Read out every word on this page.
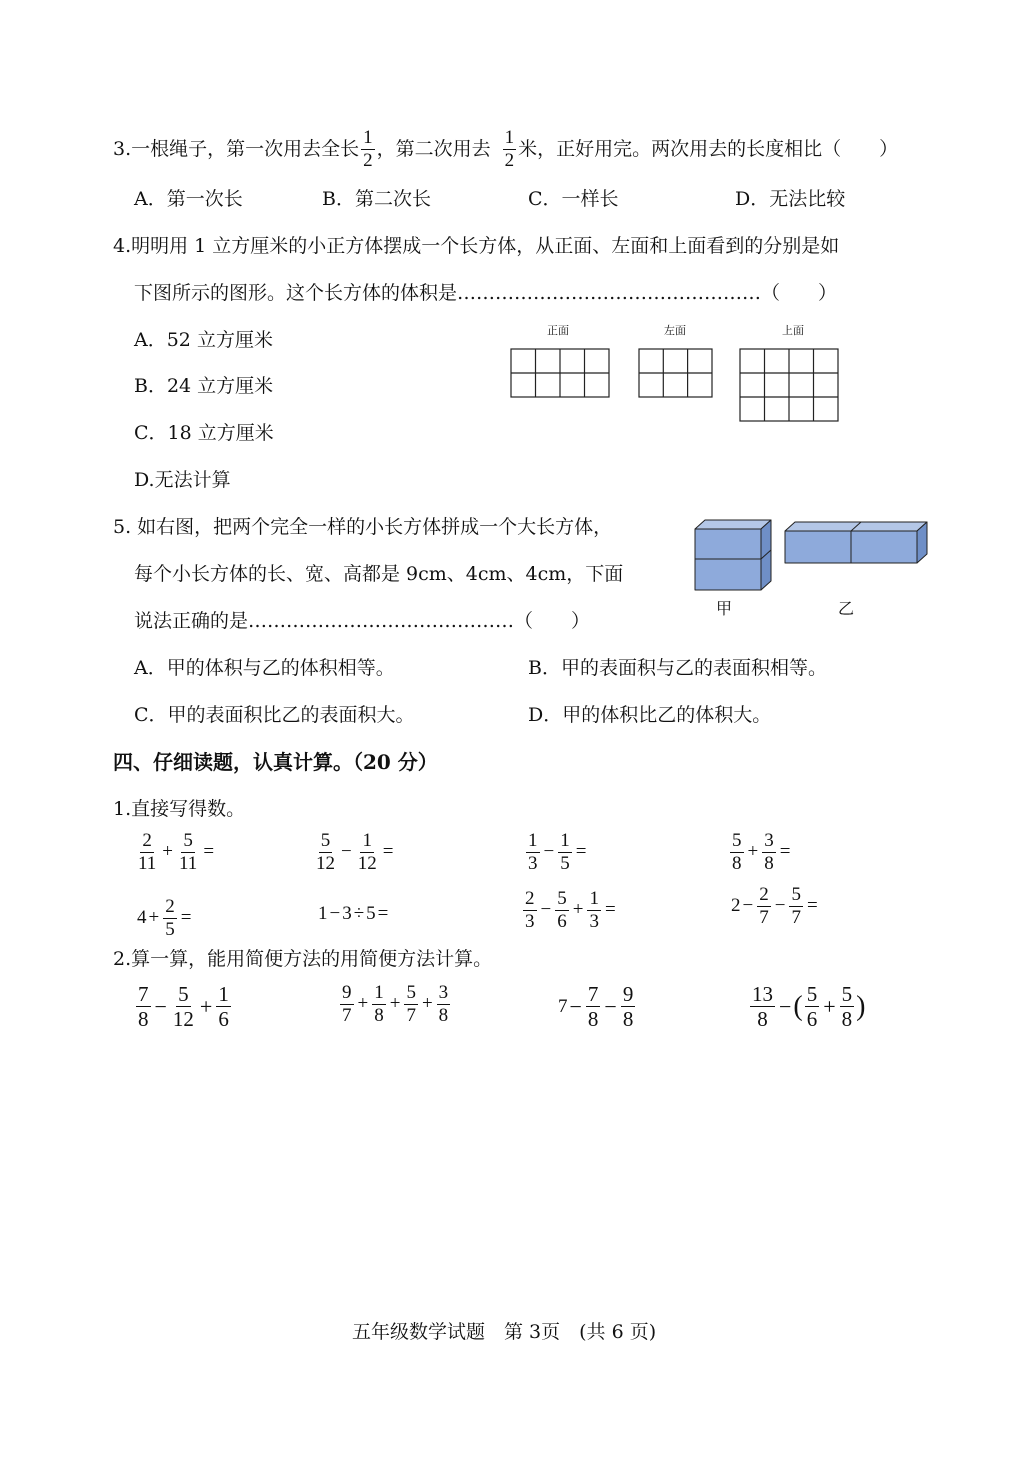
3.一根绳子，第一次用去全长 $\frac{1}{2}$ ，第二次用去 $\frac{1}{2}$ 米，正好用完。两次用去的长度相比（　　）
A．第一次长	B．第二次长	C．一样长	D．无法比较
4.明明用 1 立方厘米的小正方体摆成一个长方体，从正面、左面和上面看到的分别是如
下图所示的图形。这个长方体的体积是…………………………………………（　　）
A．52 立方厘米
B．24 立方厘米
C．18 立方厘米
D.无法计算
正面	左面	上面
5. 如右图，把两个完全一样的小长方体拼成一个大长方体，
每个小长方体的长、宽、高都是 9cm、4cm、4cm，下面
说法正确的是……………………………………（　　）
甲	乙
A．甲的体积与乙的体积相等。	B．甲的表面积与乙的表面积相等。
C．甲的表面积比乙的表面积大。	D．甲的体积比乙的体积大。
四、仔细读题，认真计算。（20 分）
1.直接写得数。
$\frac{2}{11} + \frac{5}{11}$ =	$\frac{5}{12} - \frac{1}{12}$ =	$\frac{1}{3} - \frac{1}{5}$ =	$\frac{5}{8} + \frac{3}{8}$ =
$4 + \frac{2}{5}$ =	1 − 3 ÷ 5 =	$\frac{2}{3} - \frac{5}{6} + \frac{1}{3}$ =	$2 - \frac{2}{7} - \frac{5}{7}$ =
2.算一算，能用简便方法的用简便方法计算。
$\frac{7}{8} - \frac{5}{12} + \frac{1}{6}$	$\frac{9}{7} + \frac{1}{8} + \frac{5}{7} + \frac{3}{8}$	$7 - \frac{7}{8} - \frac{9}{8}$	$\frac{13}{8}$ − ( $\frac{5}{6} + \frac{5}{8}$ )
五年级数学试题　第 3页　(共 6 页)
